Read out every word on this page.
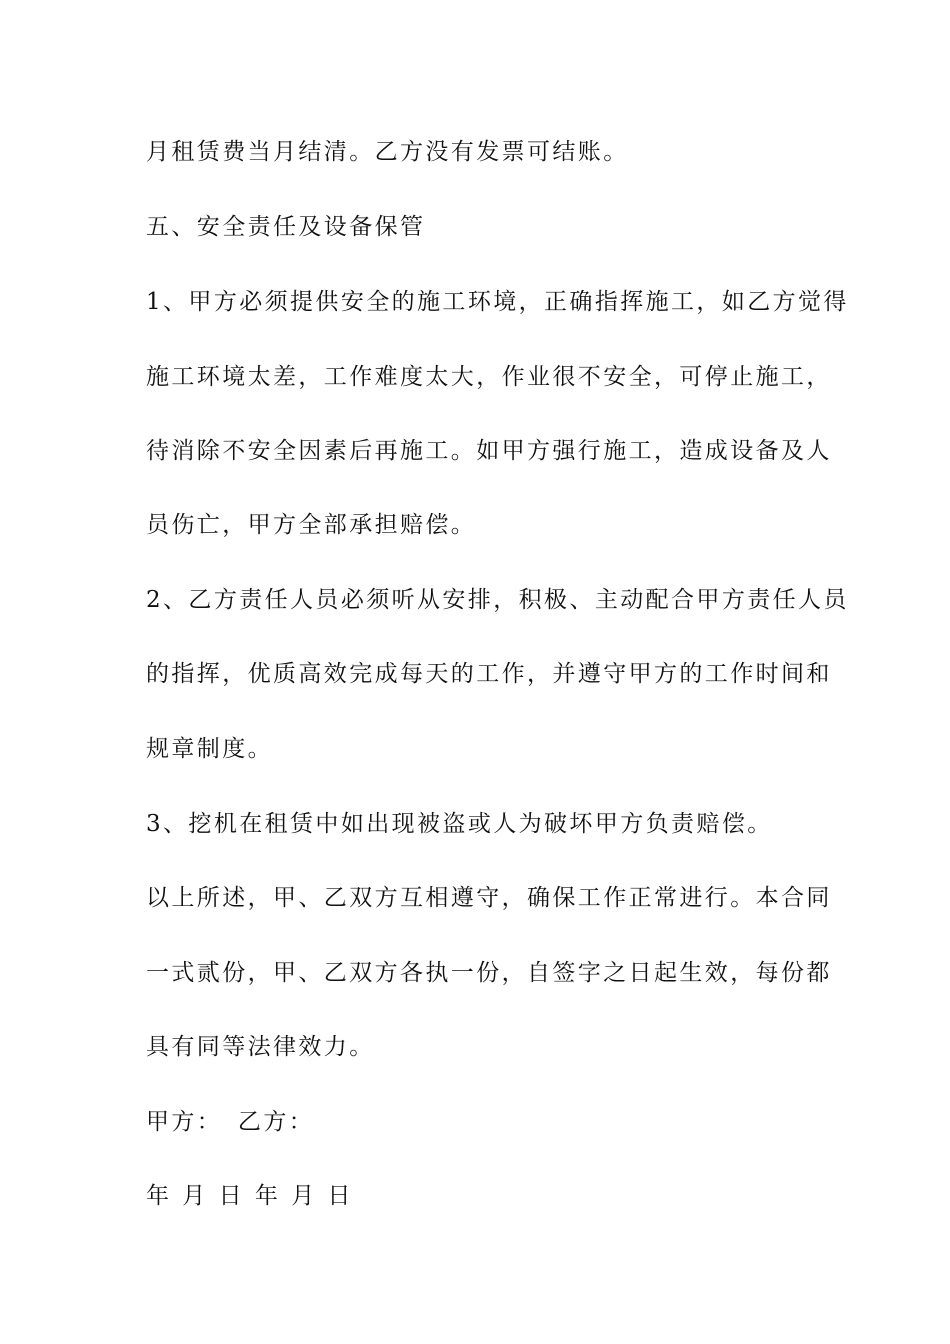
月租赁费当月结清。乙方没有发票可结账。
五、安全责任及设备保管
1、甲方必须提供安全的施工环境，正确指挥施工，如乙方觉得
施工环境太差，工作难度太大，作业很不安全，可停止施工，
待消除不安全因素后再施工。如甲方强行施工，造成设备及人
员伤亡，甲方全部承担赔偿。
2、乙方责任人员必须听从安排，积极、主动配合甲方责任人员
的指挥，优质高效完成每天的工作，并遵守甲方的工作时间和
规章制度。
3、挖机在租赁中如出现被盗或人为破坏甲方负责赔偿。
以上所述，甲、乙双方互相遵守，确保工作正常进行。本合同
一式贰份，甲、乙双方各执一份，自签字之日起生效，每份都
具有同等法律效力。
甲方： 乙方：
年 月 日 年 月 日
